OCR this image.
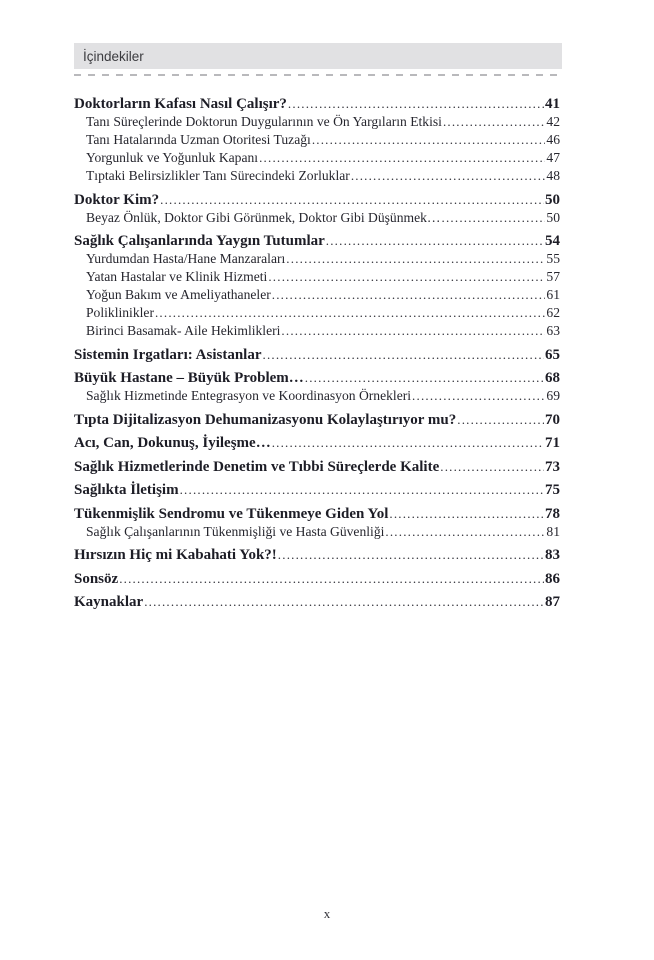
İçindekiler
Doktorların Kafası Nasıl Çalışır? .....	41
Tanı Süreçlerinde Doktorun Duygularının ve Ön Yargıların Etkisi .....	42
Tanı Hatalarında Uzman Otoritesi Tuzağı .....	46
Yorgunluk ve Yoğunluk Kapanı .....	47
Tıptaki Belirsizlikler Tanı Sürecindeki Zorluklar .....	48
Doktor Kim? .....	50
Beyaz Önlük, Doktor Gibi Görünmek, Doktor Gibi Düşünmek… .....	50
Sağlık Çalışanlarında Yaygın Tutumlar .....	54
Yurdumdan Hasta/Hane Manzaraları .....	55
Yatan Hastalar ve Klinik Hizmeti .....	57
Yoğun Bakım ve Ameliyathaneler .....	61
Poliklinikler .....	62
Birinci Basamak- Aile Hekimlikleri .....	63
Sistemin Irgatları: Asistanlar .....	65
Büyük Hastane – Büyük Problem… .....	68
Sağlık Hizmetinde Entegrasyon ve Koordinasyon Örnekleri .....	69
Tıpta Dijitalizasyon Dehumanizasyonu Kolaylaştırıyor mu? .....	70
Acı, Can, Dokunuş, İyileşme… .....	71
Sağlık Hizmetlerinde Denetim ve Tıbbi Süreçlerde Kalite .....	73
Sağlıkta İletişim .....	75
Tükenmişlik Sendromu ve Tükenmeye Giden Yol .....	78
Sağlık Çalışanlarının Tükenmişliği ve Hasta Güvenliği .....	81
Hırsızın Hiç mi Kabahati Yok?! .....	83
Sonsöz .....	86
Kaynaklar .....	87
x
